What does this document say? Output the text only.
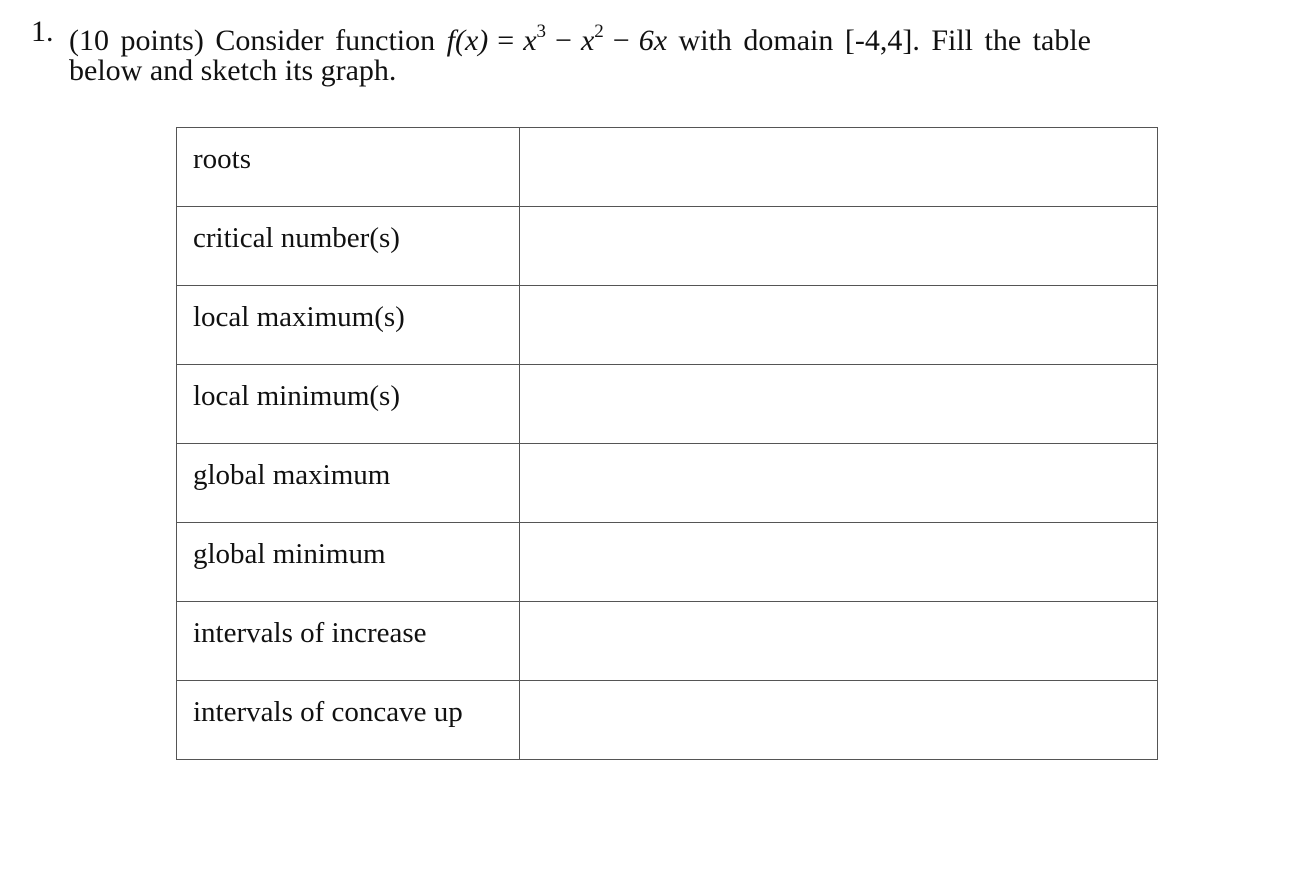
1. (10 points) Consider function $f(x) = x^3 - x^2 - 6x$ with domain [-4,4]. Fill the table
below and sketch its graph.
roots	

critical number(s)	

local maximum(s)	

local minimum(s)	

global maximum	

global minimum	

intervals of increase	

intervals of concave up	
